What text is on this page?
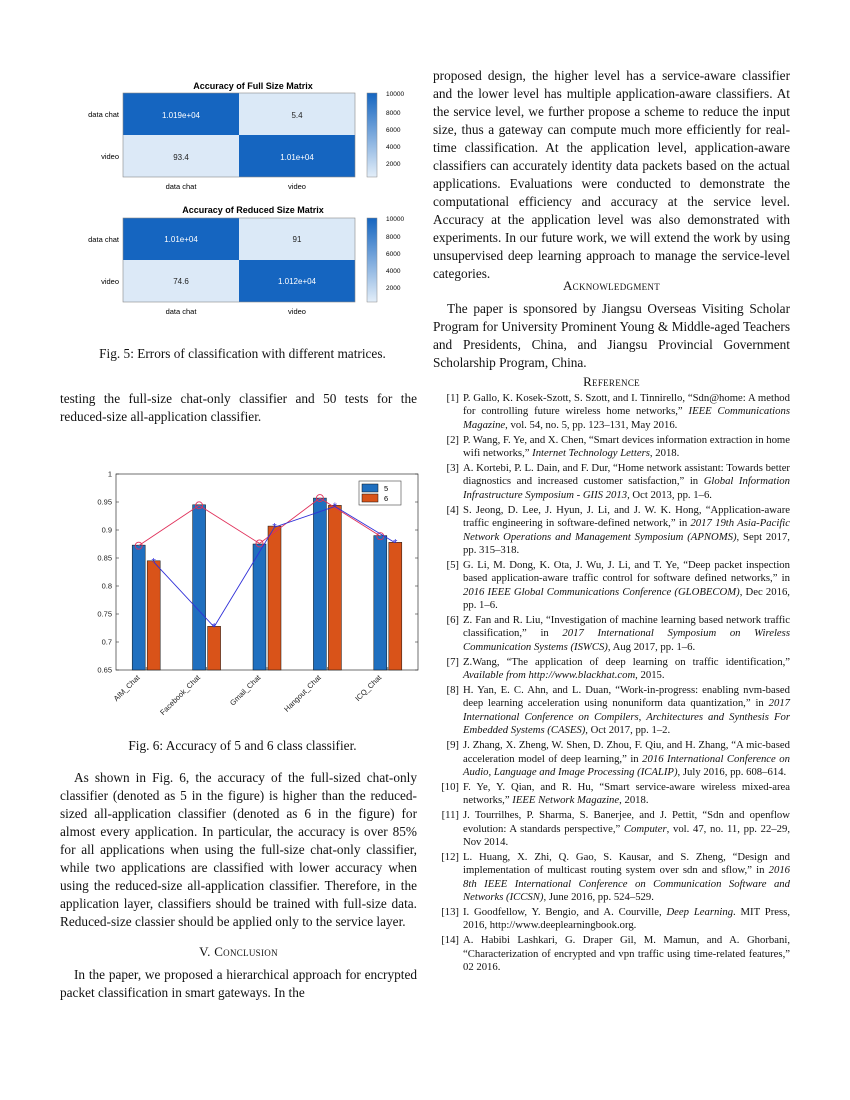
Accuracy of Full Size Matrix
1.019e+04	5.4
93.4	1.01e+04
data chat
video
data chat	video
10000
8000
6000
4000
2000
Accuracy of Reduced Size Matrix
1.01e+04	91
74.6	1.012e+04
data chat
video
data chat	video
10000
8000
6000
4000
2000
Fig. 5: Errors of classification with different matrices.

testing the full-size chat-only classifier and 50 tests for the reduced-size all-application classifier.

*
*
*
*
*
0.65
0.7
0.75
0.8
0.85
0.9
0.95
1
AIM_Chat Facebook_Chat	Gmail_Chat	Hangout_Chat	ICQ_Chat
5
6
Fig. 6: Accuracy of 5 and 6 class classifier.

As shown in Fig. 6, the accuracy of the full-sized chat-only classifier (denoted as 5 in the figure) is higher than the reduced-sized all-application classifier (denoted as 6 in the figure) for almost every application. In particular, the accuracy is over 85% for all applications when using the full-size chat-only classifier, while two applications are classified with lower accuracy when using the reduced-size all-application classifier. Therefore, in the application layer, classifiers should be trained with full-size data. Reduced-size classier should be applied only to the service layer.

V. Conclusion

In the paper, we proposed a hierarchical approach for encrypted packet classification in smart gateways. In the

proposed design, the higher level has a service-aware classifier and the lower level has multiple application-aware classifiers. At the service level, we further propose a scheme to reduce the input size, thus a gateway can compute much more efficiently for real-time classification. At the application level, application-aware classifiers can accurately identity data packets based on the actual applications. Evaluations were conducted to demonstrate the computational efficiency and accuracy at the service level. Accuracy at the application level was also demonstrated with experiments. In our future work, we will extend the work by using unsupervised deep learning approach to manage the service-level categories.

Acknowledgment

The paper is sponsored by Jiangsu Overseas Visiting Scholar Program for University Prominent Young & Middle-aged Teachers and Presidents, China, and Jiangsu Provincial Government Scholarship Program, China.

Reference
[1] P. Gallo, K. Kosek-Szott, S. Szott, and I. Tinnirello, “Sdn@home: A method for controlling future wireless home networks,” IEEE Communications Magazine, vol. 54, no. 5, pp. 123–131, May 2016.
[2] P. Wang, F. Ye, and X. Chen, “Smart devices information extraction in home wifi networks,” Internet Technology Letters, 2018.
[3] A. Kortebi, P. L. Dain, and F. Dur, “Home network assistant: Towards better diagnostics and increased customer satisfaction,” in Global Information Infrastructure Symposium - GIIS 2013, Oct 2013, pp. 1–6.
[4] S. Jeong, D. Lee, J. Hyun, J. Li, and J. W. K. Hong, “Application-aware traffic engineering in software-defined network,” in 2017 19th Asia-Pacific Network Operations and Management Symposium (APNOMS), Sept 2017, pp. 315–318.
[5] G. Li, M. Dong, K. Ota, J. Wu, J. Li, and T. Ye, “Deep packet inspection based application-aware traffic control for software defined networks,” in 2016 IEEE Global Communications Conference (GLOBECOM), Dec 2016, pp. 1–6.
[6] Z. Fan and R. Liu, “Investigation of machine learning based network traffic classification,” in 2017 International Symposium on Wireless Communication Systems (ISWCS), Aug 2017, pp. 1–6.
[7] Z.Wang, “The application of deep learning on traffic identification,” Available from http://www.blackhat.com, 2015.
[8] H. Yan, E. C. Ahn, and L. Duan, “Work-in-progress: enabling nvm-based deep learning acceleration using nonuniform data quantization,” in 2017 International Conference on Compilers, Architectures and Synthesis For Embedded Systems (CASES), Oct 2017, pp. 1–2.
[9] J. Zhang, X. Zheng, W. Shen, D. Zhou, F. Qiu, and H. Zhang, “A mic-based acceleration model of deep learning,” in 2016 International Conference on Audio, Language and Image Processing (ICALIP), July 2016, pp. 608–614.
[10] F. Ye, Y. Qian, and R. Hu, “Smart service-aware wireless mixed-area networks,” IEEE Network Magazine, 2018.
[11] J. Tourrilhes, P. Sharma, S. Banerjee, and J. Pettit, “Sdn and openflow evolution: A standards perspective,” Computer, vol. 47, no. 11, pp. 22–29, Nov 2014.
[12] L. Huang, X. Zhi, Q. Gao, S. Kausar, and S. Zheng, “Design and implementation of multicast routing system over sdn and sflow,” in 2016 8th IEEE International Conference on Communication Software and Networks (ICCSN), June 2016, pp. 524–529.
[13] I. Goodfellow, Y. Bengio, and A. Courville, Deep Learning. MIT Press, 2016, http://www.deeplearningbook.org.
[14] A. Habibi Lashkari, G. Draper Gil, M. Mamun, and A. Ghorbani, “Characterization of encrypted and vpn traffic using time-related features,” 02 2016.
